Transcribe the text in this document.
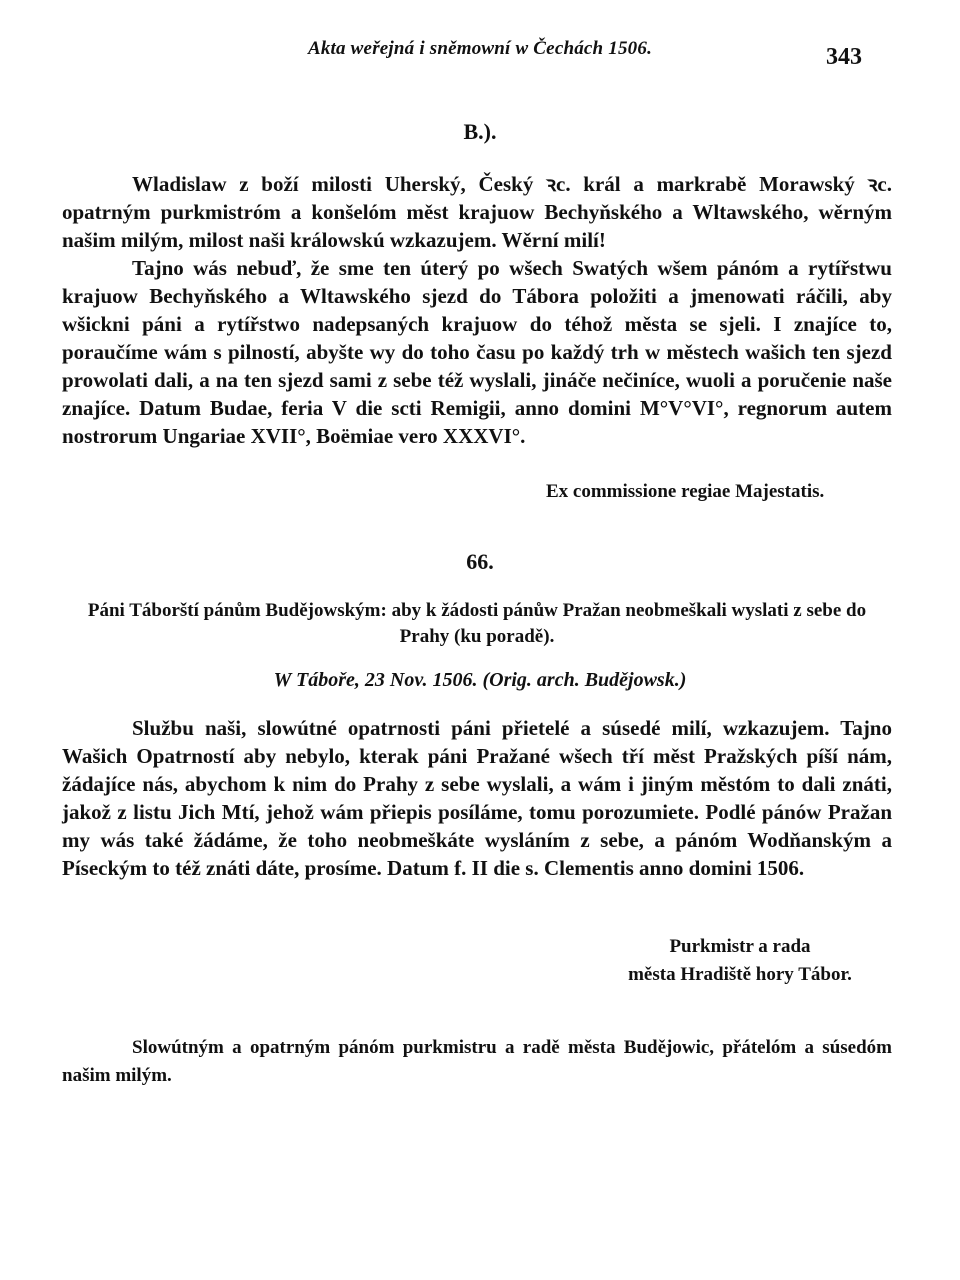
Akta weřejná i sněmowní w Čechách 1506.	343
B.).
Wladislaw z boží milosti Uherský, Český ꝛc. král a markrabě Morawský ꝛc. opatrným purkmistróm a konšelóm měst krajuow Bechyňského a Wltawského, wěrným našim milým, milost naši králowskú wzkazujem. Wěrní milí!
Tajno wás nebuď, že sme ten úterý po wšech Swatých wšem pánóm a rytířstwu krajuow Bechyňského a Wltawského sjezd do Tábora položiti a jmenowati ráčili, aby wšickni páni a rytířstwo nadepsaných krajuow do téhož města se sjeli. I znajíce to, poraučíme wám s pilností, abyšte wy do toho času po každý trh w městech wašich ten sjezd prowolati dali, a na ten sjezd sami z sebe též wyslali, jináče nečiníce, wuoli a poručenie naše znajíce. Datum Budae, feria V die scti Remigii, anno domini M°V°VI°, regnorum autem nostrorum Ungariae XVII°, Boëmiae vero XXXVI°.
Ex commissione regiae Majestatis.
66.
Páni Táborští pánům Budějowským: aby k žádosti pánůw Pražan neobmeškali wyslati z sebe do Prahy (ku poradě).
W Táboře, 23 Nov. 1506. (Orig. arch. Budějowsk.)
Službu naši, slowútné opatrnosti páni přietelé a súsedé milí, wzkazujem. Tajno Wašich Opatrností aby nebylo, kterak páni Pražané wšech tří měst Pražských píší nám, žádajíce nás, abychom k nim do Prahy z sebe wyslali, a wám i jiným městóm to dali znáti, jakož z listu Jich Mtí, jehož wám přiepis posíláme, tomu porozumiete. Podlé pánów Pražan my wás také žádáme, že toho neobmeškáte wysláním z sebe, a pánóm Wodňanským a Píseckým to též znáti dáte, prosíme. Datum f. II die s. Clementis anno domini 1506.
Purkmistr a rada
města Hradiště hory Tábor.
Slowútným a opatrným pánóm purkmistru a radě města Budějowic, přátelóm a súsedóm našim milým.
